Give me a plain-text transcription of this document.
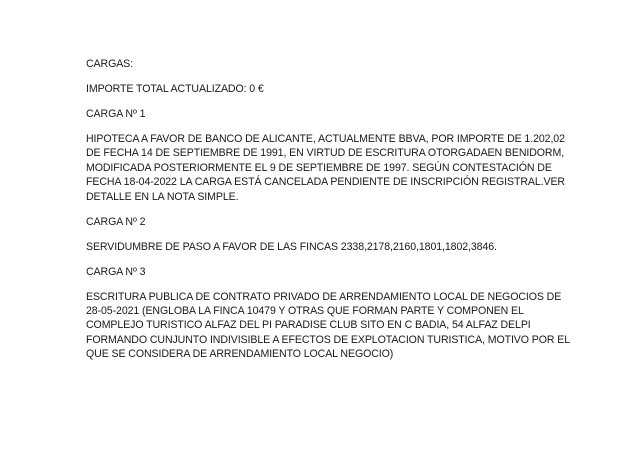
CARGAS:

IMPORTE TOTAL ACTUALIZADO: 0 €

CARGA Nº 1

HIPOTECA A FAVOR DE BANCO DE ALICANTE, ACTUALMENTE BBVA, POR IMPORTE DE 1.202,02
DE FECHA 14 DE SEPTIEMBRE DE 1991, EN VIRTUD DE ESCRITURA OTORGADAEN BENIDORM,
MODIFICADA POSTERIORMENTE EL 9 DE SEPTIEMBRE DE 1997. SEGÚN CONTESTACIÓN DE
FECHA 18-04-2022 LA CARGA ESTÁ CANCELADA PENDIENTE DE INSCRIPCIÓN REGISTRAL.VER
DETALLE EN LA NOTA SIMPLE.

CARGA Nº 2

SERVIDUMBRE DE PASO A FAVOR DE LAS FINCAS 2338,2178,2160,1801,1802,3846.

CARGA Nº 3

ESCRITURA PUBLICA DE CONTRATO PRIVADO DE ARRENDAMIENTO LOCAL DE NEGOCIOS DE
28-05-2021 (ENGLOBA LA FINCA 10479 Y OTRAS QUE FORMAN PARTE Y COMPONEN EL
COMPLEJO TURISTICO ALFAZ DEL PI PARADISE CLUB SITO EN C BADIA, 54 ALFAZ DELPI
FORMANDO CUNJUNTO INDIVISIBLE A EFECTOS DE EXPLOTACION TURISTICA, MOTIVO POR EL
QUE SE CONSIDERA DE ARRENDAMIENTO LOCAL NEGOCIO)
